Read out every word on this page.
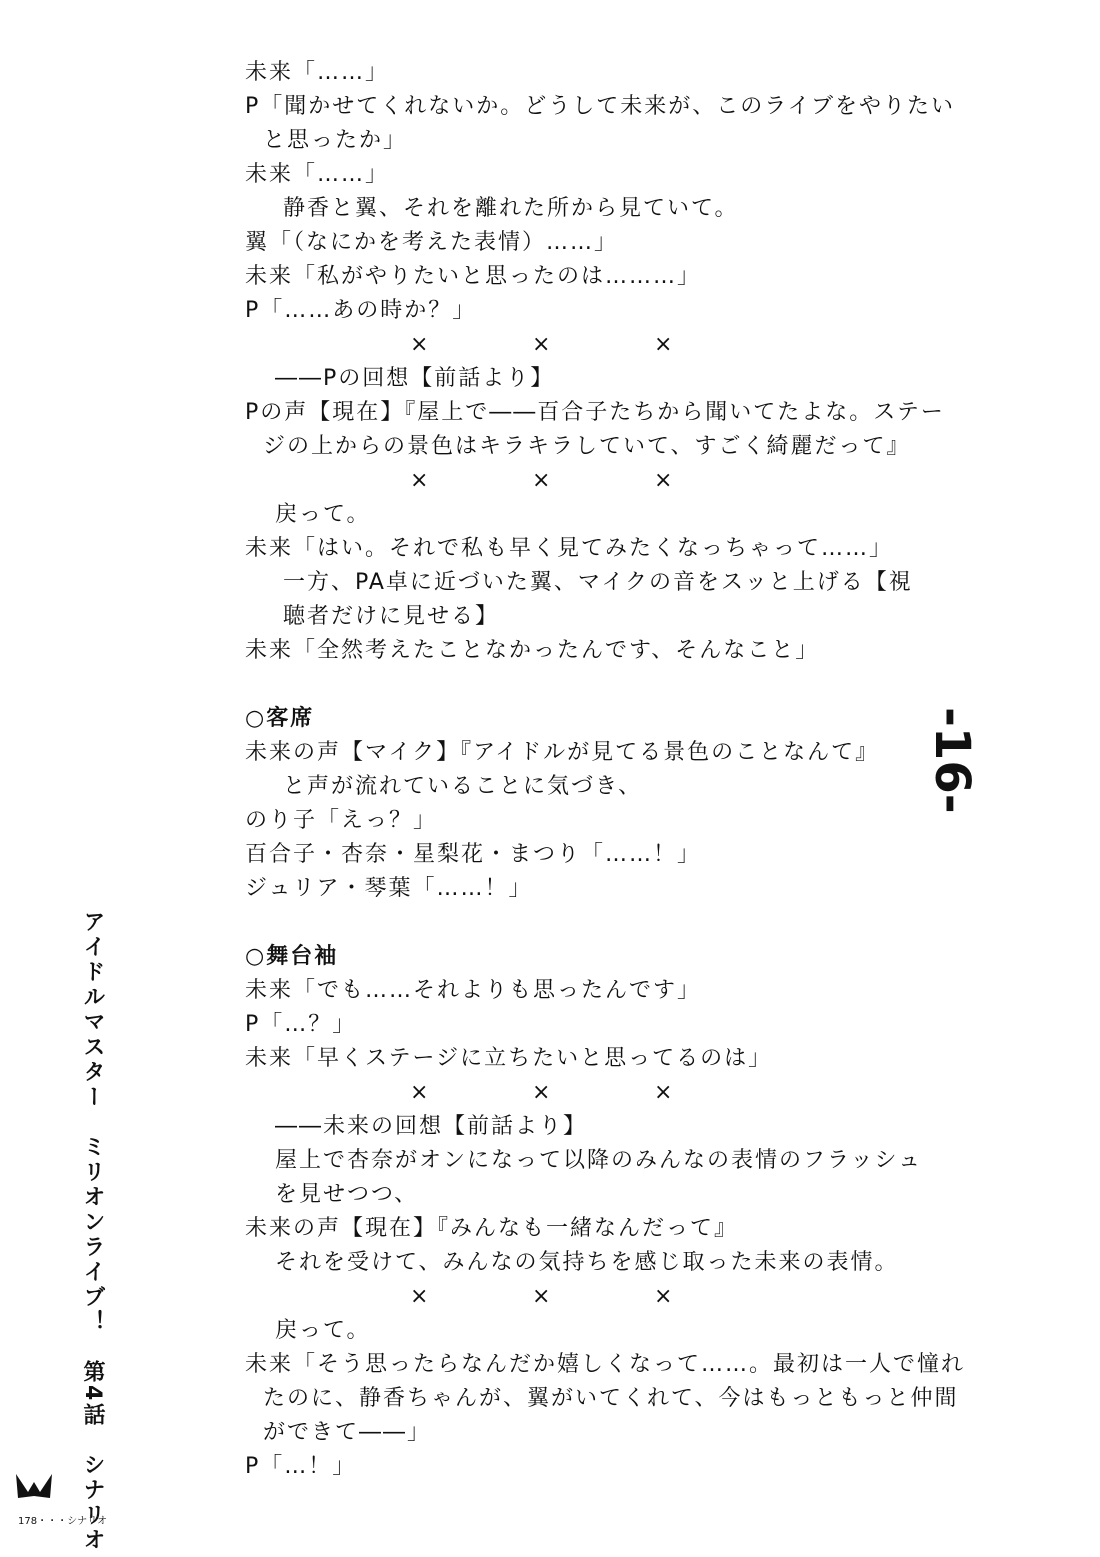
未来「……」
P「聞かせてくれないか。どうして未来が、このライブをやりたい
と思ったか」
未来「……」
静香と翼、それを離れた所から見ていて。
翼「（なにかを考えた表情）……」
未来「私がやりたいと思ったのは………」
P「……あの時か？」
×	×	×
――Pの回想【前話より】
Pの声【現在】『屋上で――百合子たちから聞いてたよな。ステー
ジの上からの景色はキラキラしていて、すごく綺麗だって』
×	×	×
戻って。
未来「はい。それで私も早く見てみたくなっちゃって……」
一方、PA卓に近づいた翼、マイクの音をスッと上げる【視
聴者だけに見せる】
未来「全然考えたことなかったんです、そんなこと」
○客席
未来の声【マイク】『アイドルが見てる景色のことなんて』
と声が流れていることに気づき、
のり子「えっ？」
百合子・杏奈・星梨花・まつり「……！」
ジュリア・琴葉「……！」
○舞台袖
未来「でも……それよりも思ったんです」
P「…？」
未来「早くステージに立ちたいと思ってるのは」
×	×	×
――未来の回想【前話より】
屋上で杏奈がオンになって以降のみんなの表情のフラッシュ
を見せつつ、
未来の声【現在】『みんなも一緒なんだって』
それを受けて、みんなの気持ちを感じ取った未来の表情。
×	×	×
戻って。
未来「そう思ったらなんだか嬉しくなって……。最初は一人で憧れ
たのに、静香ちゃんが、翼がいてくれて、今はもっともっと仲間
ができて――」
P「…！」
-16-
アイドルマスター　ミリオンライブ！　第4話　シナリオ
178・・・シナリオ
